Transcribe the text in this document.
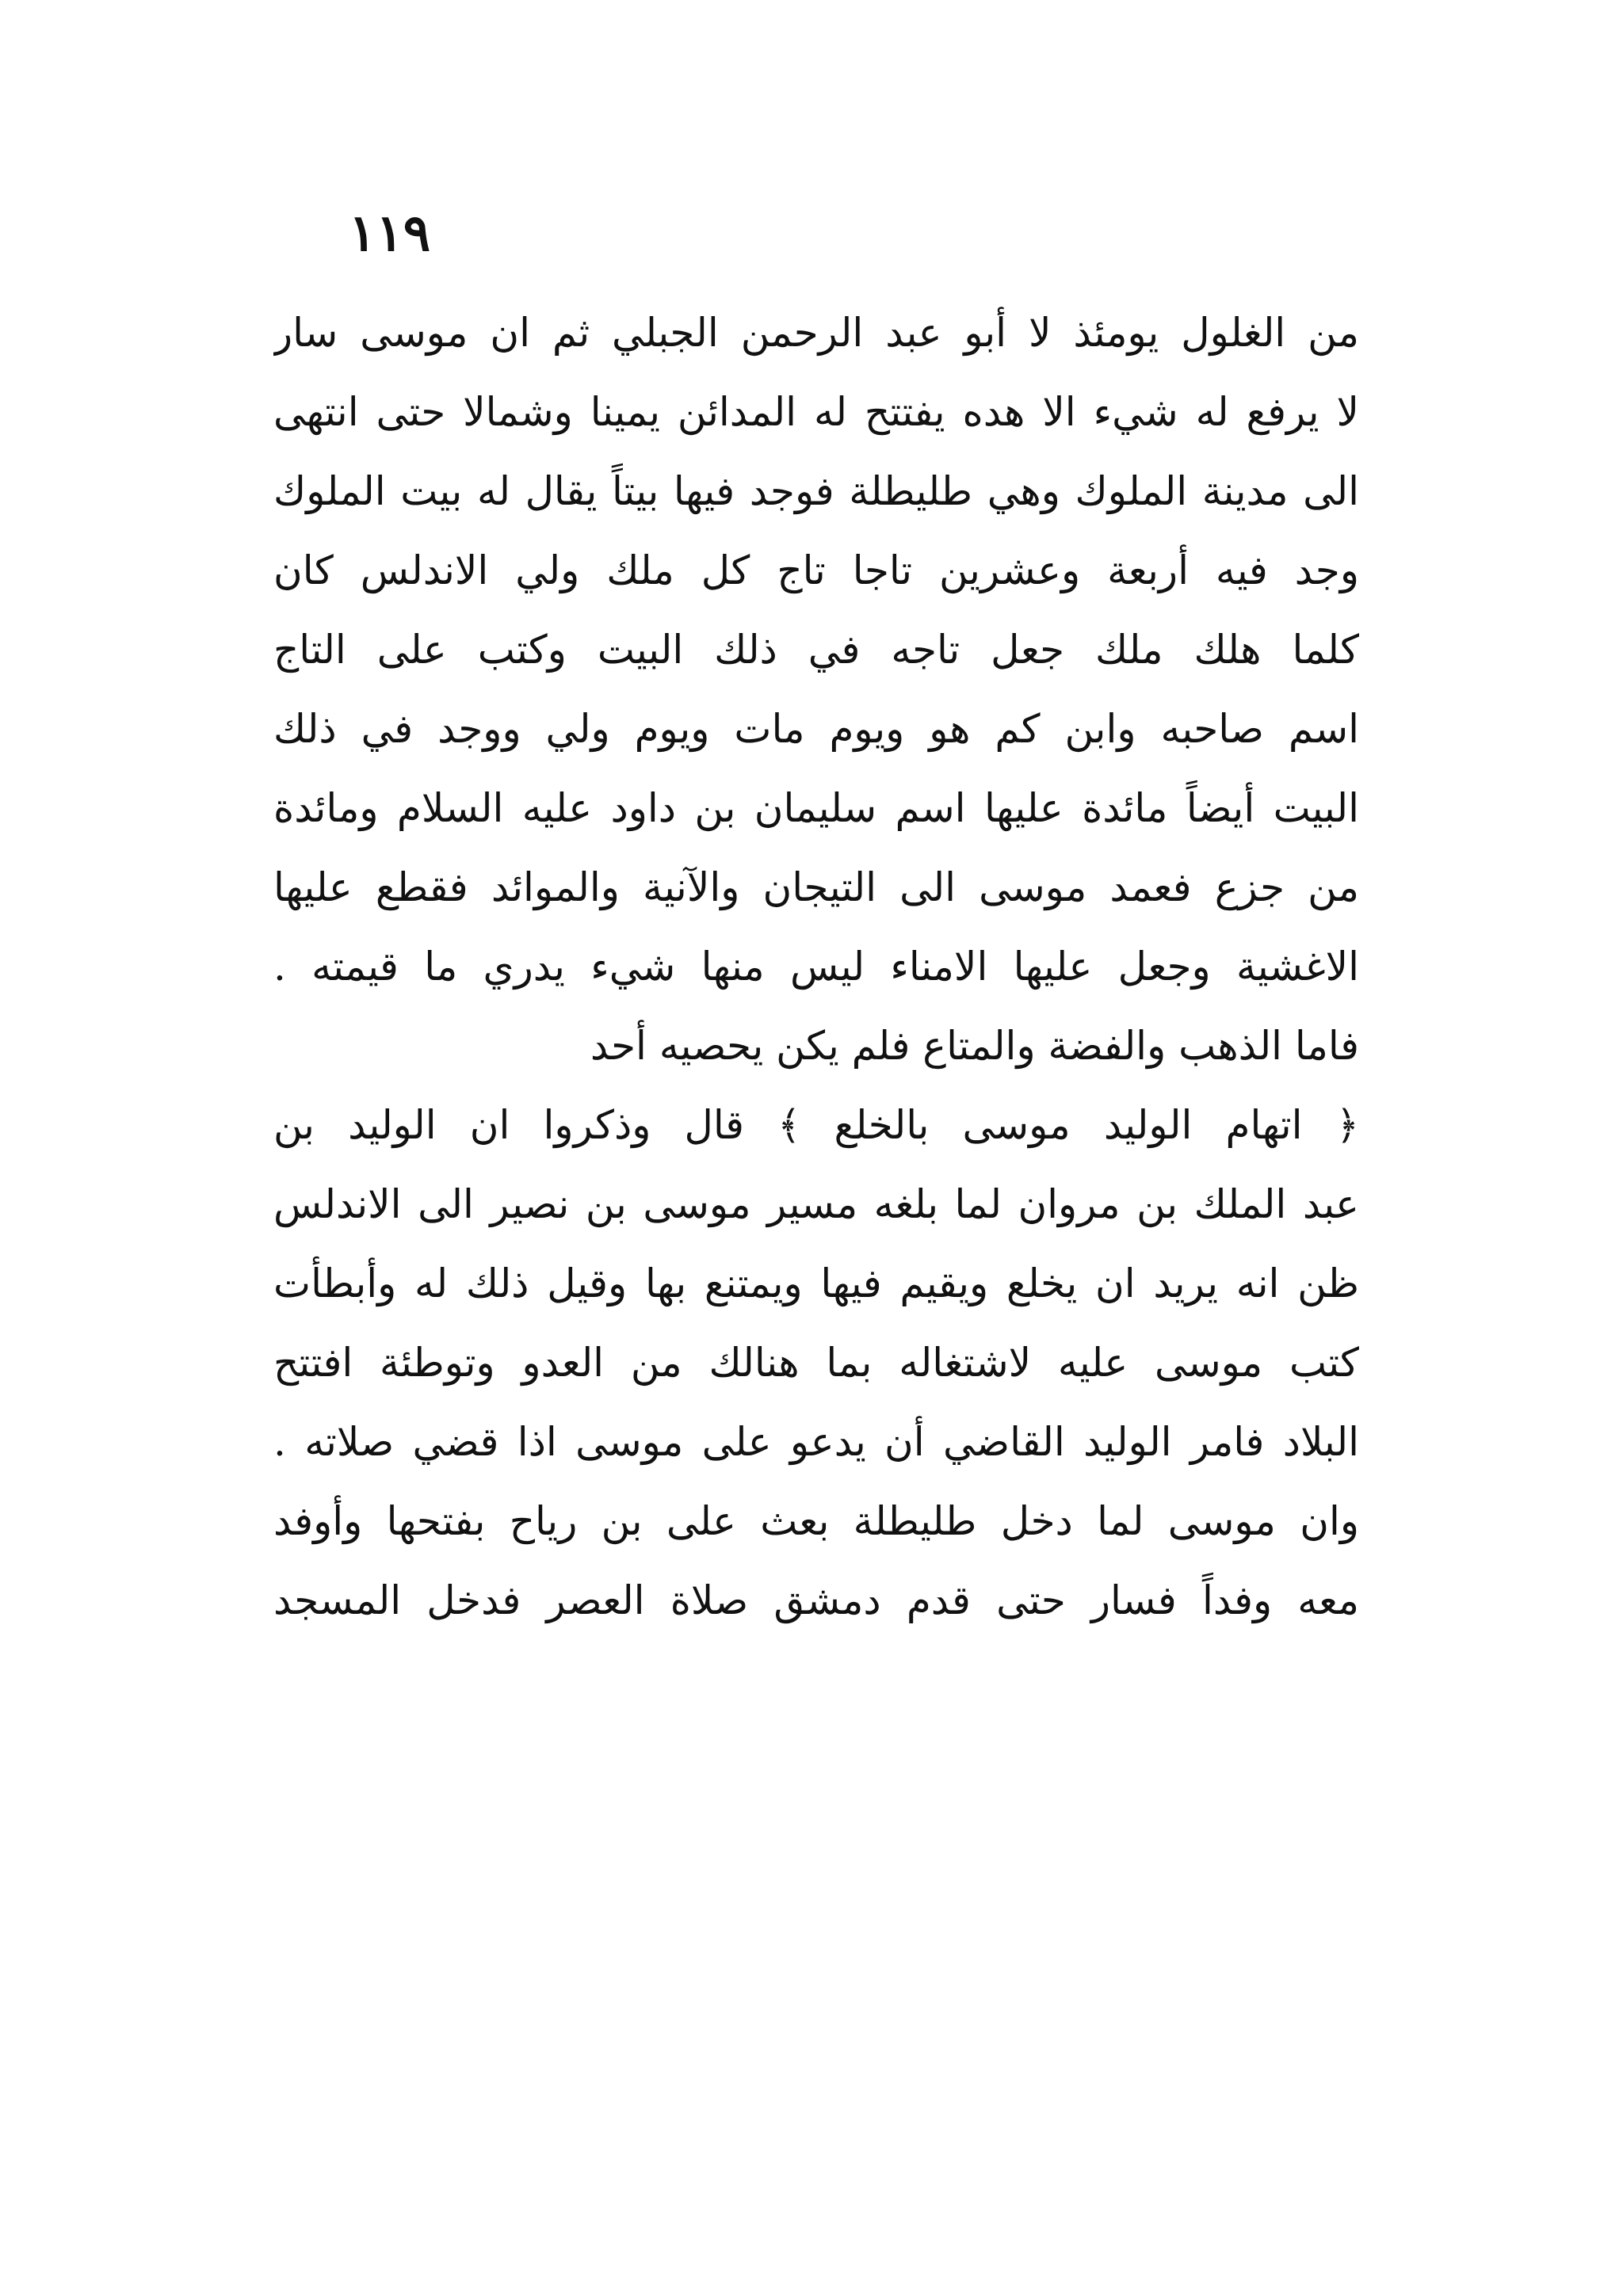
١١٩

من الغلول يومئذ لا أبو عبد الرحمن الجبلي ثم ان موسى سار

لا يرفع له شيء الا هده يفتتح له المدائن يمينا وشمالا حتى انتهى

الى مدينة الملوك وهي طليطلة فوجد فيها بيتاً يقال له بيت الملوك

وجد فيه أربعة وعشرين تاجا تاج كل ملك ولي الاندلس كان

كلما هلك ملك جعل تاجه في ذلك البيت وكتب على التاج

اسم صاحبه وابن كم هو ويوم مات ويوم ولي ووجد في ذلك

البيت أيضاً مائدة عليها اسم سليمان بن داود عليه السلام ومائدة

من جزع فعمد موسى الى التيجان والآنية والموائد فقطع عليها

الاغشية وجعل عليها الامناء ليس منها شيء يدري ما قيمته .

فاما الذهب والفضة والمتاع فلم يكن يحصيه أحد

﴿ اتهام الوليد موسى بالخلع ﴾ قال وذكروا ان الوليد بن

عبد الملك بن مروان لما بلغه مسير موسى بن نصير الى الاندلس

ظن انه يريد ان يخلع ويقيم فيها ويمتنع بها وقيل ذلك له وأبطأت

كتب موسى عليه لاشتغاله بما هنالك من العدو وتوطئة افتتح

البلاد فامر الوليد القاضي أن يدعو على موسى اذا قضي صلاته .

وان موسى لما دخل طليطلة بعث على بن رياح بفتحها وأوفد

معه وفداً فسار حتى قدم دمشق صلاة العصر فدخل المسجد
